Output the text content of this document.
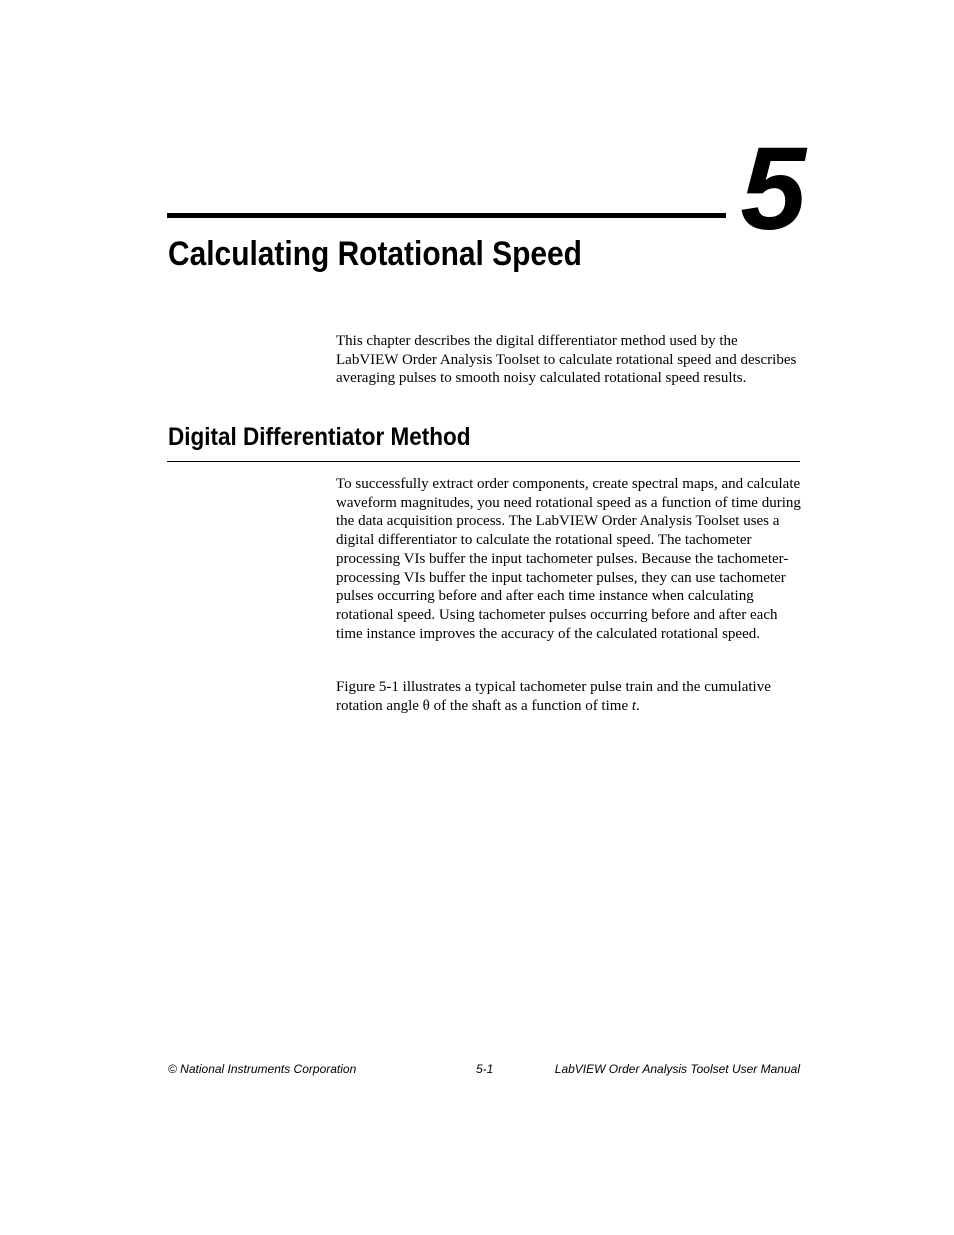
5
Calculating Rotational Speed

This chapter describes the digital differentiator method used by the LabVIEW Order Analysis Toolset to calculate rotational speed and describes averaging pulses to smooth noisy calculated rotational speed results.

Digital Differentiator Method

To successfully extract order components, create spectral maps, and calculate waveform magnitudes, you need rotational speed as a function of time during the data acquisition process. The LabVIEW Order Analysis Toolset uses a digital differentiator to calculate the rotational speed. The tachometer processing VIs buffer the input tachometer pulses. Because the tachometer-processing VIs buffer the input tachometer pulses, they can use tachometer pulses occurring before and after each time instance when calculating rotational speed. Using tachometer pulses occurring before and after each time instance improves the accuracy of the calculated rotational speed.

Figure 5-1 illustrates a typical tachometer pulse train and the cumulative rotation angle θ of the shaft as a function of time t.

© National Instruments Corporation	5-1	LabVIEW Order Analysis Toolset User Manual
